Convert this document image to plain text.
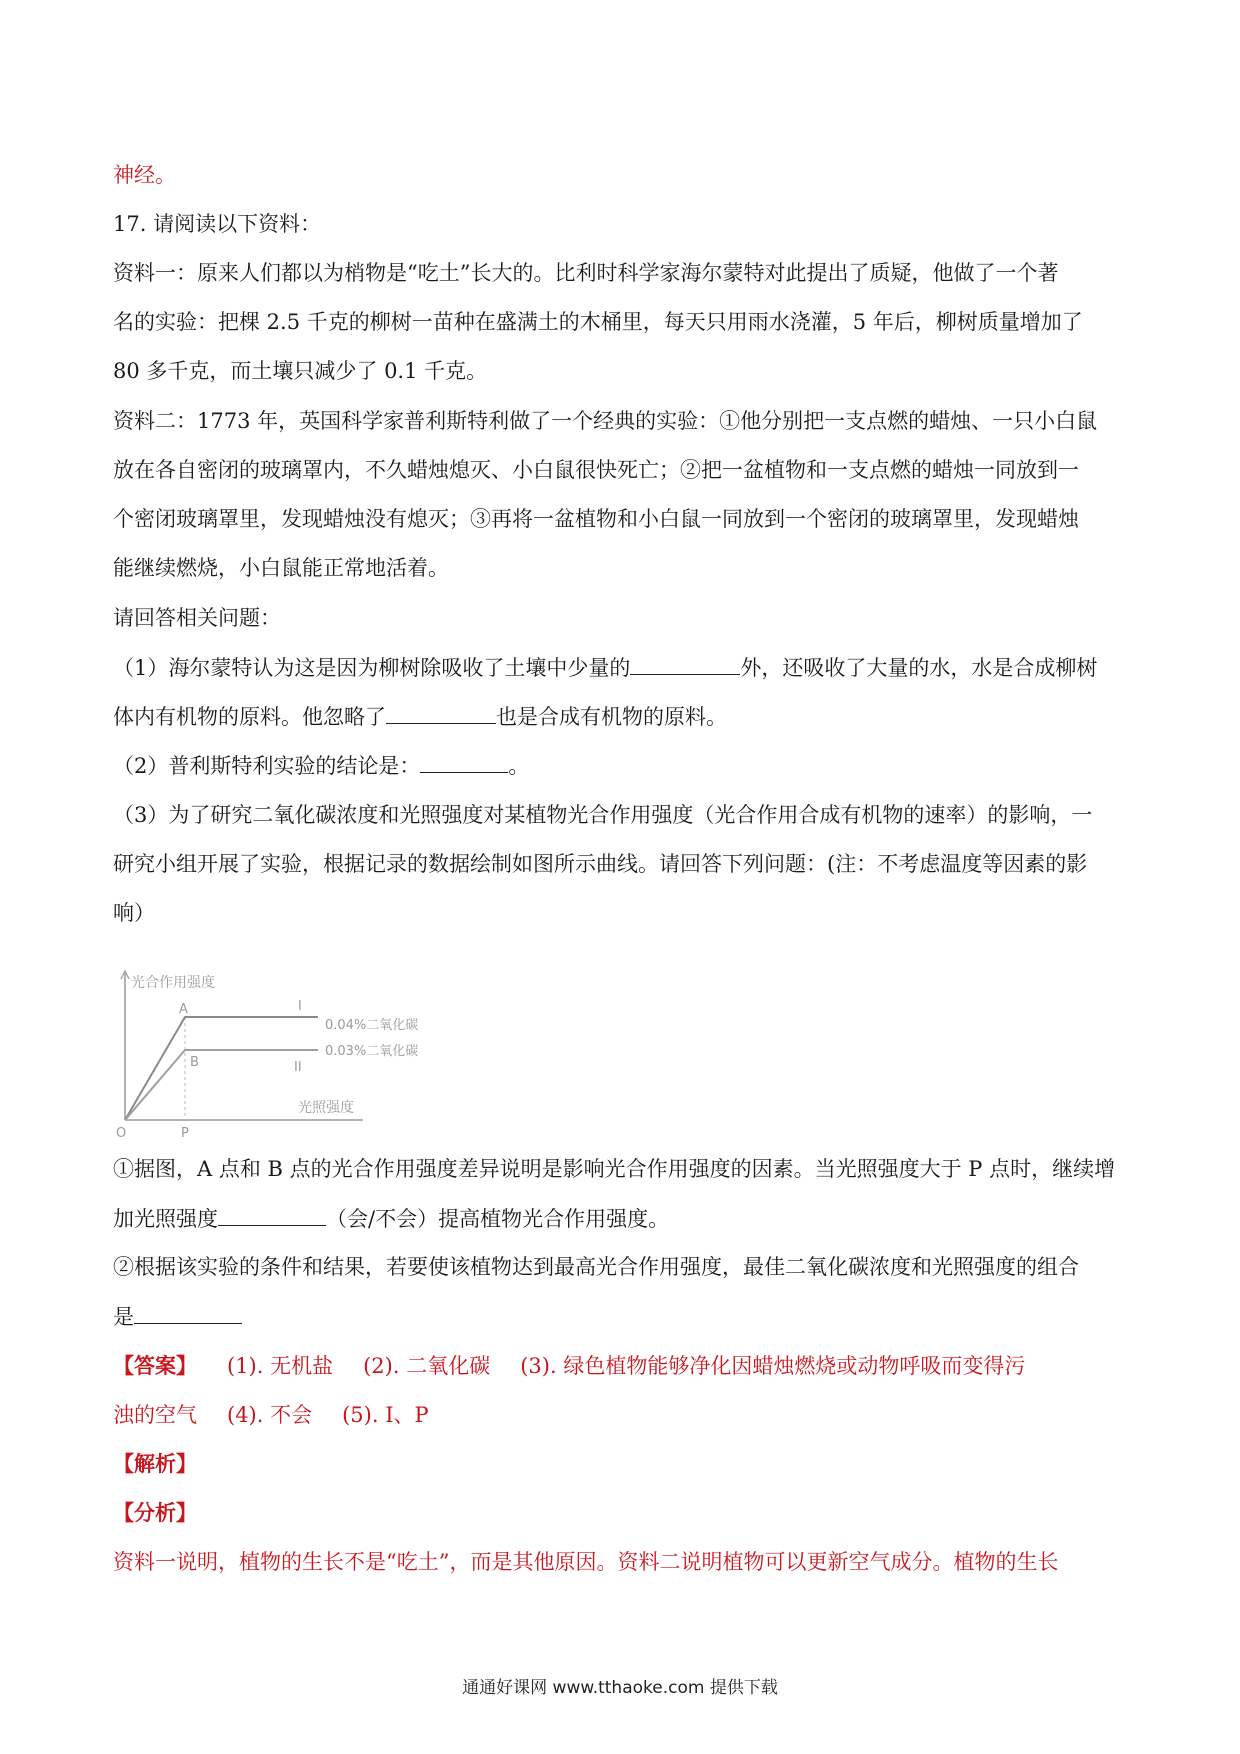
神经。
17. 请阅读以下资料：
资料一：原来人们都以为梢物是“吃土”长大的。比利时科学家海尔蒙特对此提出了质疑，他做了一个著
名的实验：把棵 2.5 千克的柳树一苗种在盛满土的木桶里，每天只用雨水浇灌，5 年后，柳树质量增加了
80 多千克，而土壤只减少了 0.1 千克。
资料二：1773 年，英国科学家普利斯特利做了一个经典的实验：①他分别把一支点燃的蜡烛、一只小白鼠
放在各自密闭的玻璃罩内，不久蜡烛熄灭、小白鼠很快死亡；②把一盆植物和一支点燃的蜡烛一同放到一
个密闭玻璃罩里，发现蜡烛没有熄灭；③再将一盆植物和小白鼠一同放到一个密闭的玻璃罩里，发现蜡烛
能继续燃烧，小白鼠能正常地活着。
请回答相关问题：
（1）海尔蒙特认为这是因为柳树除吸收了土壤中少量的	外，还吸收了大量的水，水是合成柳树
体内有机物的原料。他忽略了	也是合成有机物的原料。
（2）普利斯特利实验的结论是：	。
（3）为了研究二氧化碳浓度和光照强度对某植物光合作用强度（光合作用合成有机物的速率）的影响，一
研究小组开展了实验，根据记录的数据绘制如图所示曲线。请回答下列问题：(注：不考虑温度等因素的影
响）
光合作用强度
光照强度
O	P
A
B
I
II
0.04%二氧化碳
0.03%二氧化碳
①据图，A 点和 B 点的光合作用强度差异说明是影响光合作用强度的因素。当光照强度大于 P 点时，继续增
加光照强度	（会/不会）提高植物光合作用强度。
②根据该实验的条件和结果，若要使该植物达到最高光合作用强度，最佳二氧化碳浓度和光照强度的组合
是
【答案】 (1). 无机盐 (2). 二氧化碳 (3). 绿色植物能够净化因蜡烛燃烧或动物呼吸而变得污
浊的空气 (4). 不会 (5). Ⅰ、P
【解析】
【分析】
资料一说明，植物的生长不是“吃土”，而是其他原因。资料二说明植物可以更新空气成分。植物的生长
通通好课网 www.tthaoke.com 提供下载
